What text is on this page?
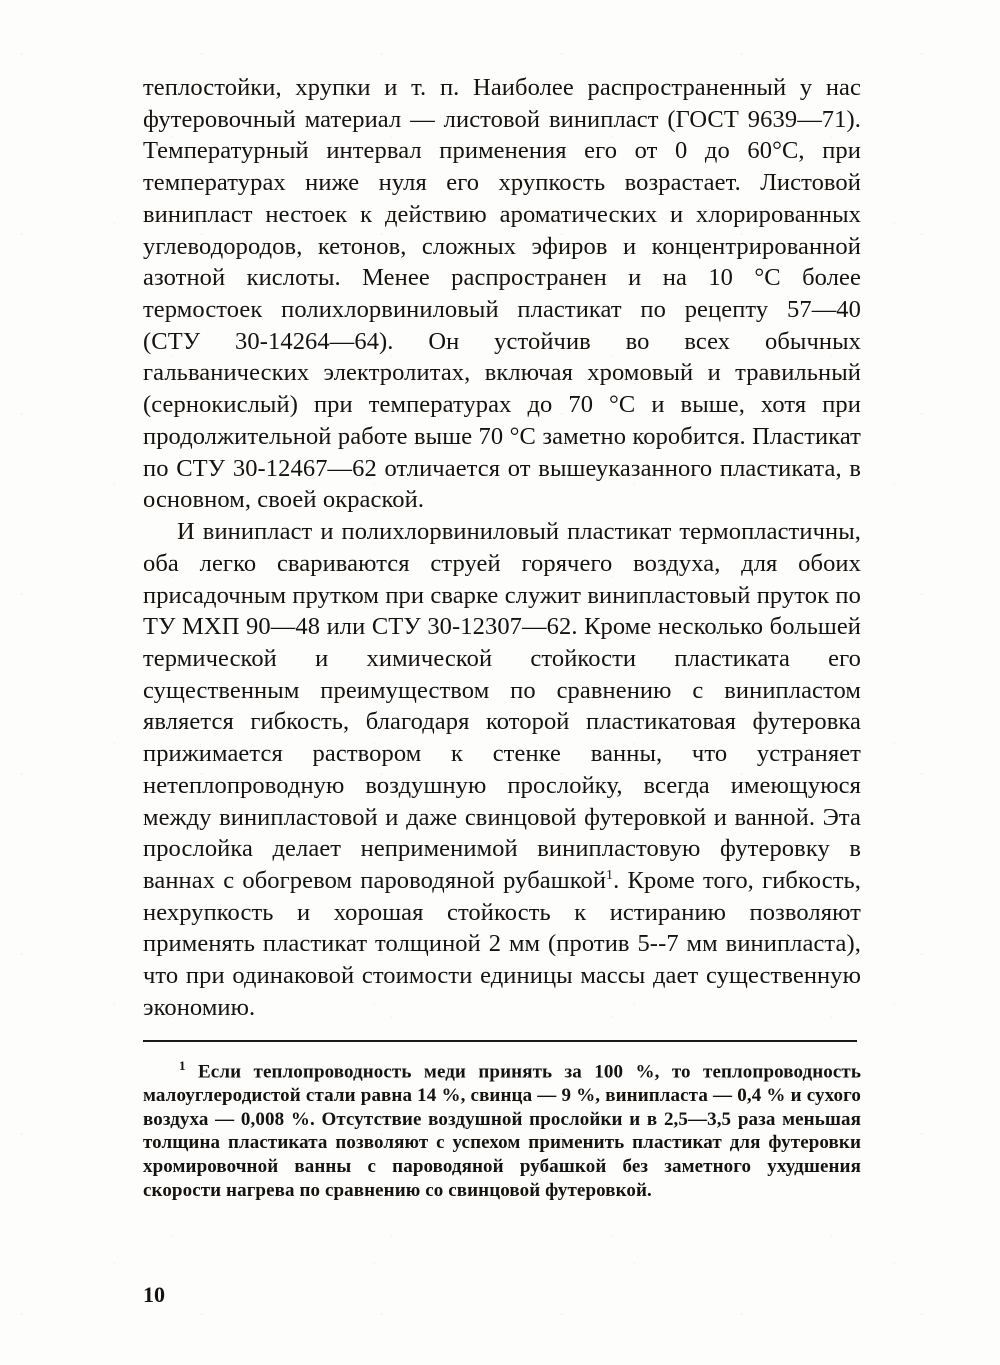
теплостойки, хрупки и т. п. Наиболее распространенный у нас футеровочный материал — листовой винипласт (ГОСТ 9639—71). Температурный интервал применения его от 0 до 60°С, при температурах ниже нуля его хрупкость возрастает. Листовой винипласт нестоек к действию ароматических и хлорированных углеводородов, кетонов, сложных эфиров и концентрированной азотной кислоты. Менее распространен и на 10 °С более термостоек полихлорвиниловый пластикат по рецепту 57—40 (СТУ 30-14264—64). Он устойчив во всех обычных гальванических электролитах, включая хромовый и травильный (сернокислый) при температурах до 70 °С и выше, хотя при продолжительной работе выше 70 °С заметно коробится. Пластикат по СТУ 30-12467—62 отличается от вышеуказанного пластиката, в основном, своей окраской.

И винипласт и полихлорвиниловый пластикат термопластичны, оба легко свариваются струей горячего воздуха, для обоих присадочным прутком при сварке служит винипластовый пруток по ТУ МХП 90—48 или СТУ 30-12307—62. Кроме несколько большей термической и химической стойкости пластиката его существенным преимуществом по сравнению с винипластом является гибкость, благодаря которой пластикатовая футеровка прижимается раствором к стенке ванны, что устраняет нетеплопроводную воздушную прослойку, всегда имеющуюся между винипластовой и даже свинцовой футеровкой и ванной. Эта прослойка делает неприменимой винипластовую футеровку в ваннах с обогревом пароводяной рубашкой$^1$. Кроме того, гибкость, нехрупкость и хорошая стойкость к истиранию позволяют применять пластикат толщиной 2 мм (против 5--7 мм винипласта), что при одинаковой стоимости единицы массы дает существенную экономию.

$^1$ Если теплопроводность меди принять за 100 %, то теплопроводность малоуглеродистой стали равна 14 %, свинца — 9 %, винипласта — 0,4 % и сухого воздуха — 0,008 %. Отсутствие воздушной прослойки и в 2,5—3,5 раза меньшая толщина пластиката позволяют с успехом применить пластикат для футеровки хромировочной ванны с пароводяной рубашкой без заметного ухудшения скорости нагрева по сравнению со свинцовой футеровкой.

10
